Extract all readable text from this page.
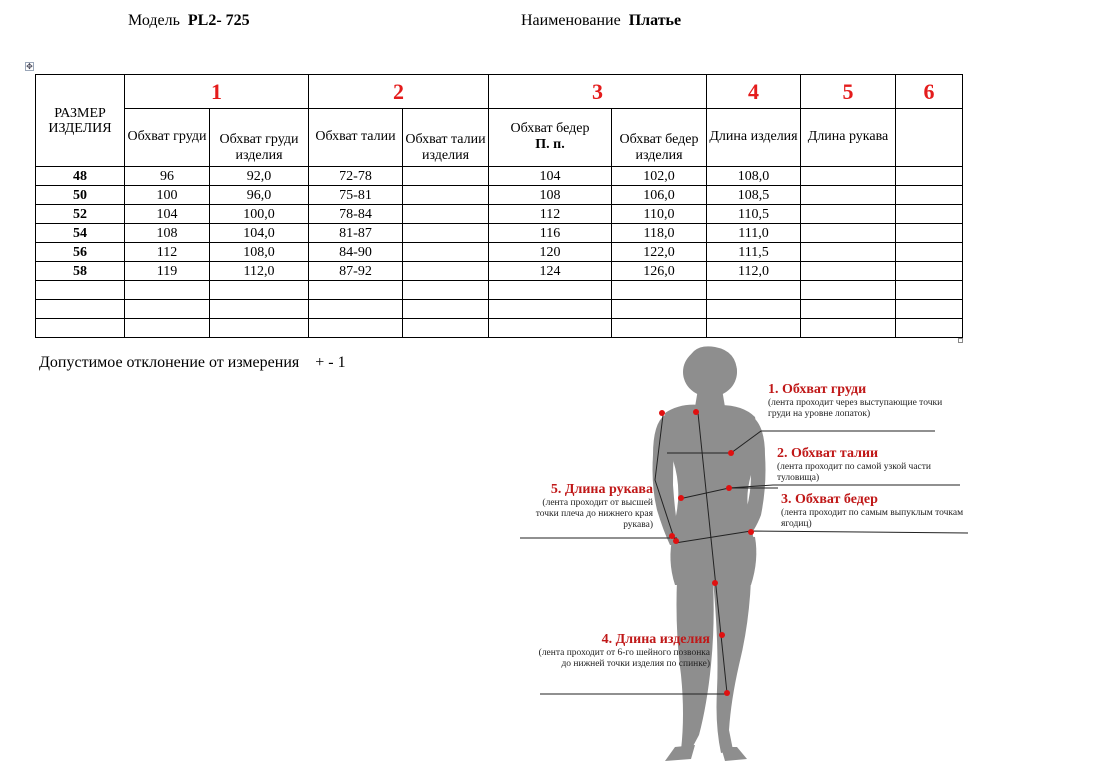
Модель PL2- 725	Наименование Платье
✥
РАЗМЕР ИЗДЕЛИЯ	1		2		3		4	5	6
	Обхват груди	Обхват груди изделия	Обхват талии	Обхват талии изделия	Обхват бедер
П. п.	Обхват бедер изделия	Длина изделия	Длина рукава	
48	96	92,0	72-78		104	102,0	108,0		
50	100	96,0	75-81		108	106,0	108,5		
52	104	100,0	78-84		112	110,0	110,5		
54	108	104,0	81-87		116	118,0	111,0		
56	112	108,0	84-90		120	122,0	111,5		
58	119	112,0	87-92		124	126,0	112,0		

Допустимое отклонение от измерения + - 1
1. Обхват груди
(лента проходит через выступающие точки груди на уровне лопаток)
2. Обхват талии
(лента проходит по самой узкой части туловища)
3. Обхват бедер
(лента проходит по самым выпуклым точкам ягодиц)
5. Длина рукава
(лента проходит от высшей точки плеча до нижнего края рукава)
4. Длина изделия
(лента проходит от 6-го шейного позвонка до нижней точки изделия по спинке)
